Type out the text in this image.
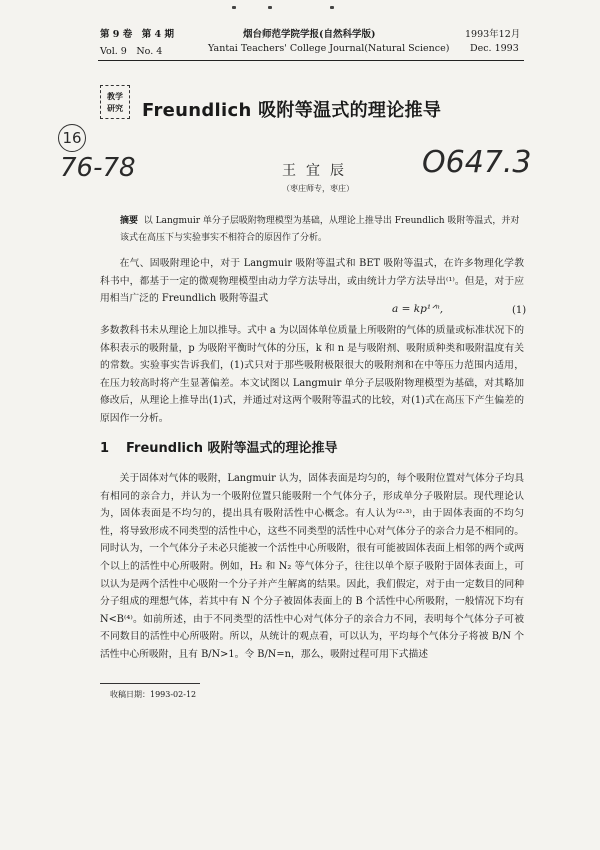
第 9 卷　第 4 期
Vol. 9　No. 4
烟台师范学院学报(自然科学版)
Yantai Teachers' College Journal(Natural Science)
1993年12月
Dec. 1993
教学
研究	Freundlich 吸附等温式的理论推导
16
76-78	O647.3
王宜辰
（枣庄师专，枣庄）
摘要 以 Langmuir 单分子层吸附物理模型为基础，从理论上推导出 Freundlich 吸附等温式，并对该式在高压下与实验事实不相符合的原因作了分析。
在气、固吸附理论中，对于 Langmuir 吸附等温式和 BET 吸附等温式，在许多物理化学教科书中，都基于一定的微观物理模型由动力学方法导出，或由统计力学方法导出⁽¹⁾。但是，对于应用相当广泛的 Freundlich 吸附等温式
a = kp¹ᐟⁿ,	(1)
多数教科书未从理论上加以推导。式中 a 为以固体单位质量上所吸附的气体的质量或标准状况下的体积表示的吸附量，p 为吸附平衡时气体的分压，k 和 n 是与吸附剂、吸附质种类和吸附温度有关的常数。实验事实告诉我们，(1)式只对于那些吸附极限很大的吸附剂和在中等压力范围内适用，在压力较高时将产生显著偏差。本文试图以 Langmuir 单分子层吸附物理模型为基础，对其略加修改后，从理论上推导出(1)式，并通过对这两个吸附等温式的比较，对(1)式在高压下产生偏差的原因作一分析。
1 Freundlich 吸附等温式的理论推导
关于固体对气体的吸附，Langmuir 认为，固体表面是均匀的，每个吸附位置对气体分子均具有相同的亲合力，并认为一个吸附位置只能吸附一个气体分子，形成单分子吸附层。现代理论认为，固体表面是不均匀的，提出具有吸附活性中心概念。有人认为⁽²·³⁾，由于固体表面的不均匀性，将导致形成不同类型的活性中心，这些不同类型的活性中心对气体分子的亲合力是不相同的。同时认为，一个气体分子未必只能被一个活性中心所吸附，很有可能被固体表面上相邻的两个或两个以上的活性中心所吸附。例如，H₂ 和 N₂ 等气体分子，往往以单个原子吸附于固体表面上，可以认为是两个活性中心吸附一个分子并产生解离的结果。因此，我们假定，对于由一定数目的同种分子组成的理想气体，若其中有 N 个分子被固体表面上的 B 个活性中心所吸附，一般情况下均有 N<B⁽⁴⁾。如前所述，由于不同类型的活性中心对气体分子的亲合力不同，表明每个气体分子可被不同数目的活性中心所吸附。所以，从统计的观点看，可以认为，平均每个气体分子将被 B/N 个活性中心所吸附，且有 B/N>1。令 B/N=n，那么，吸附过程可用下式描述
收稿日期：1993-02-12
